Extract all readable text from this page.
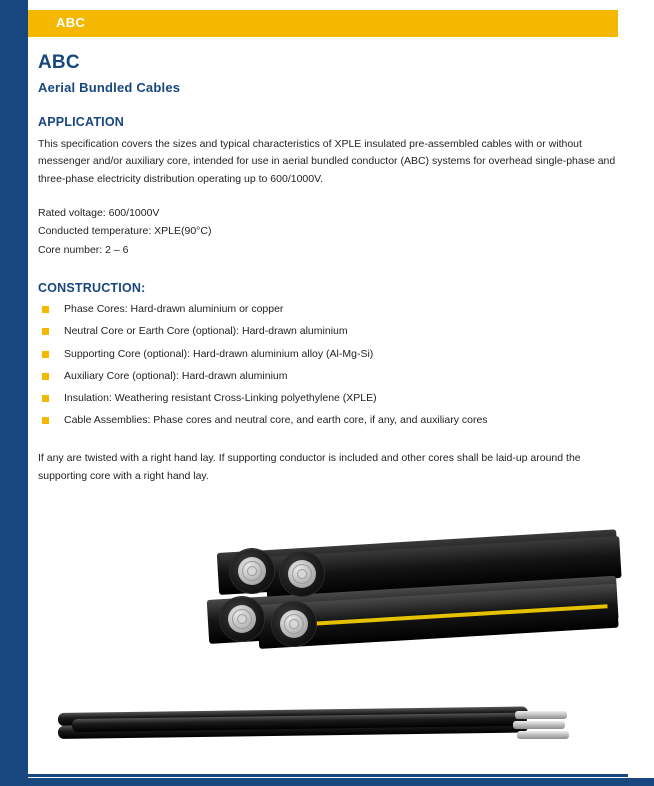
ABC
ABC
Aerial Bundled Cables
APPLICATION

This specification covers the sizes and typical characteristics of XPLE insulated pre-assembled cables with or without messenger and/or auxiliary core, intended for use in aerial bundled conductor (ABC) systems for overhead single-phase and three-phase electricity distribution operating up to 600/1000V.

Rated voltage: 600/1000V
Conducted temperature: XPLE(90°C)
Core number: 2 – 6
CONSTRUCTION:
Phase Cores: Hard-drawn aluminium or copper
Neutral Core or Earth Core (optional): Hard-drawn aluminium
Supporting Core (optional): Hard-drawn aluminium alloy (Al-Mg-Si)
Auxiliary Core (optional): Hard-drawn aluminium
Insulation: Weathering resistant Cross-Linking polyethylene (XPLE)
Cable Assemblies: Phase cores and neutral core, and earth core, if any, and auxiliary cores

If any are twisted with a right hand lay. If supporting conductor is included and other cores shall be laid-up around the supporting core with a right hand lay.
